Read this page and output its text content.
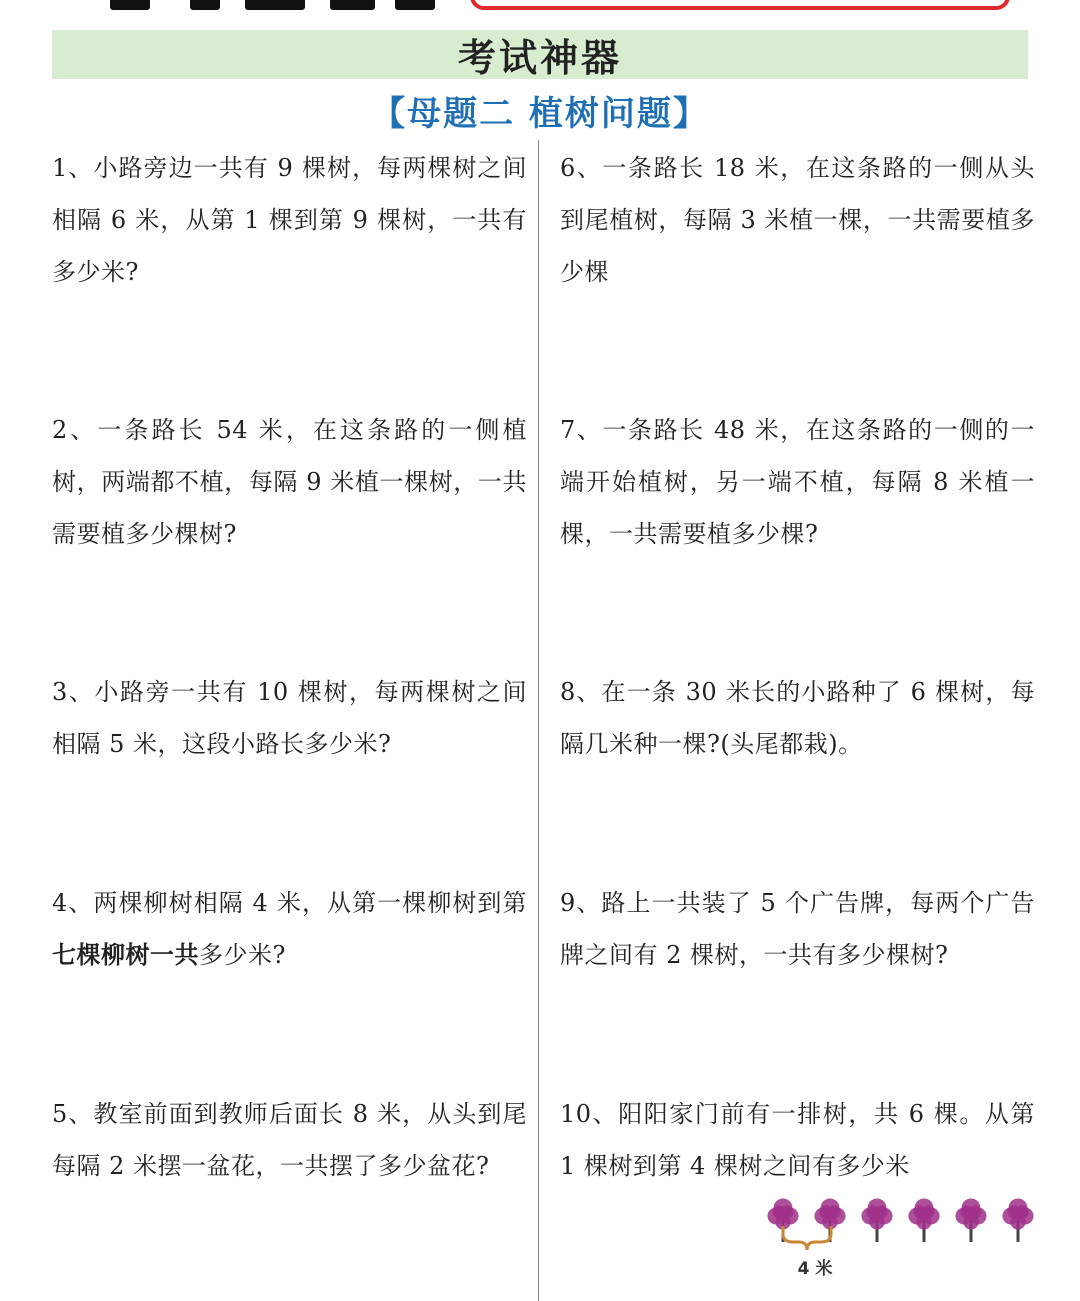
考试神器
【母题二 植树问题】
1、小路旁边一共有 9 棵树，每两棵树之间相隔 6 米，从第 1 棵到第 9 棵树，一共有多少米?
2、一条路长 54 米，在这条路的一侧植树，两端都不植，每隔 9 米植一棵树，一共需要植多少棵树?
3、小路旁一共有 10 棵树，每两棵树之间相隔 5 米，这段小路长多少米?
4、两棵柳树相隔 4 米，从第一棵柳树到第七棵柳树一共多少米?
5、教室前面到教师后面长 8 米，从头到尾每隔 2 米摆一盆花，一共摆了多少盆花?
6、一条路长 18 米，在这条路的一侧从头到尾植树，每隔 3 米植一棵，一共需要植多少棵
7、一条路长 48 米，在这条路的一侧的一端开始植树，另一端不植，每隔 8 米植一棵，一共需要植多少棵?
8、在一条 30 米长的小路种了 6 棵树，每隔几米种一棵?(头尾都栽)。
9、路上一共装了 5 个广告牌，每两个广告牌之间有 2 棵树，一共有多少棵树?
10、阳阳家门前有一排树，共 6 棵。从第 1 棵树到第 4 棵树之间有多少米
4 米
